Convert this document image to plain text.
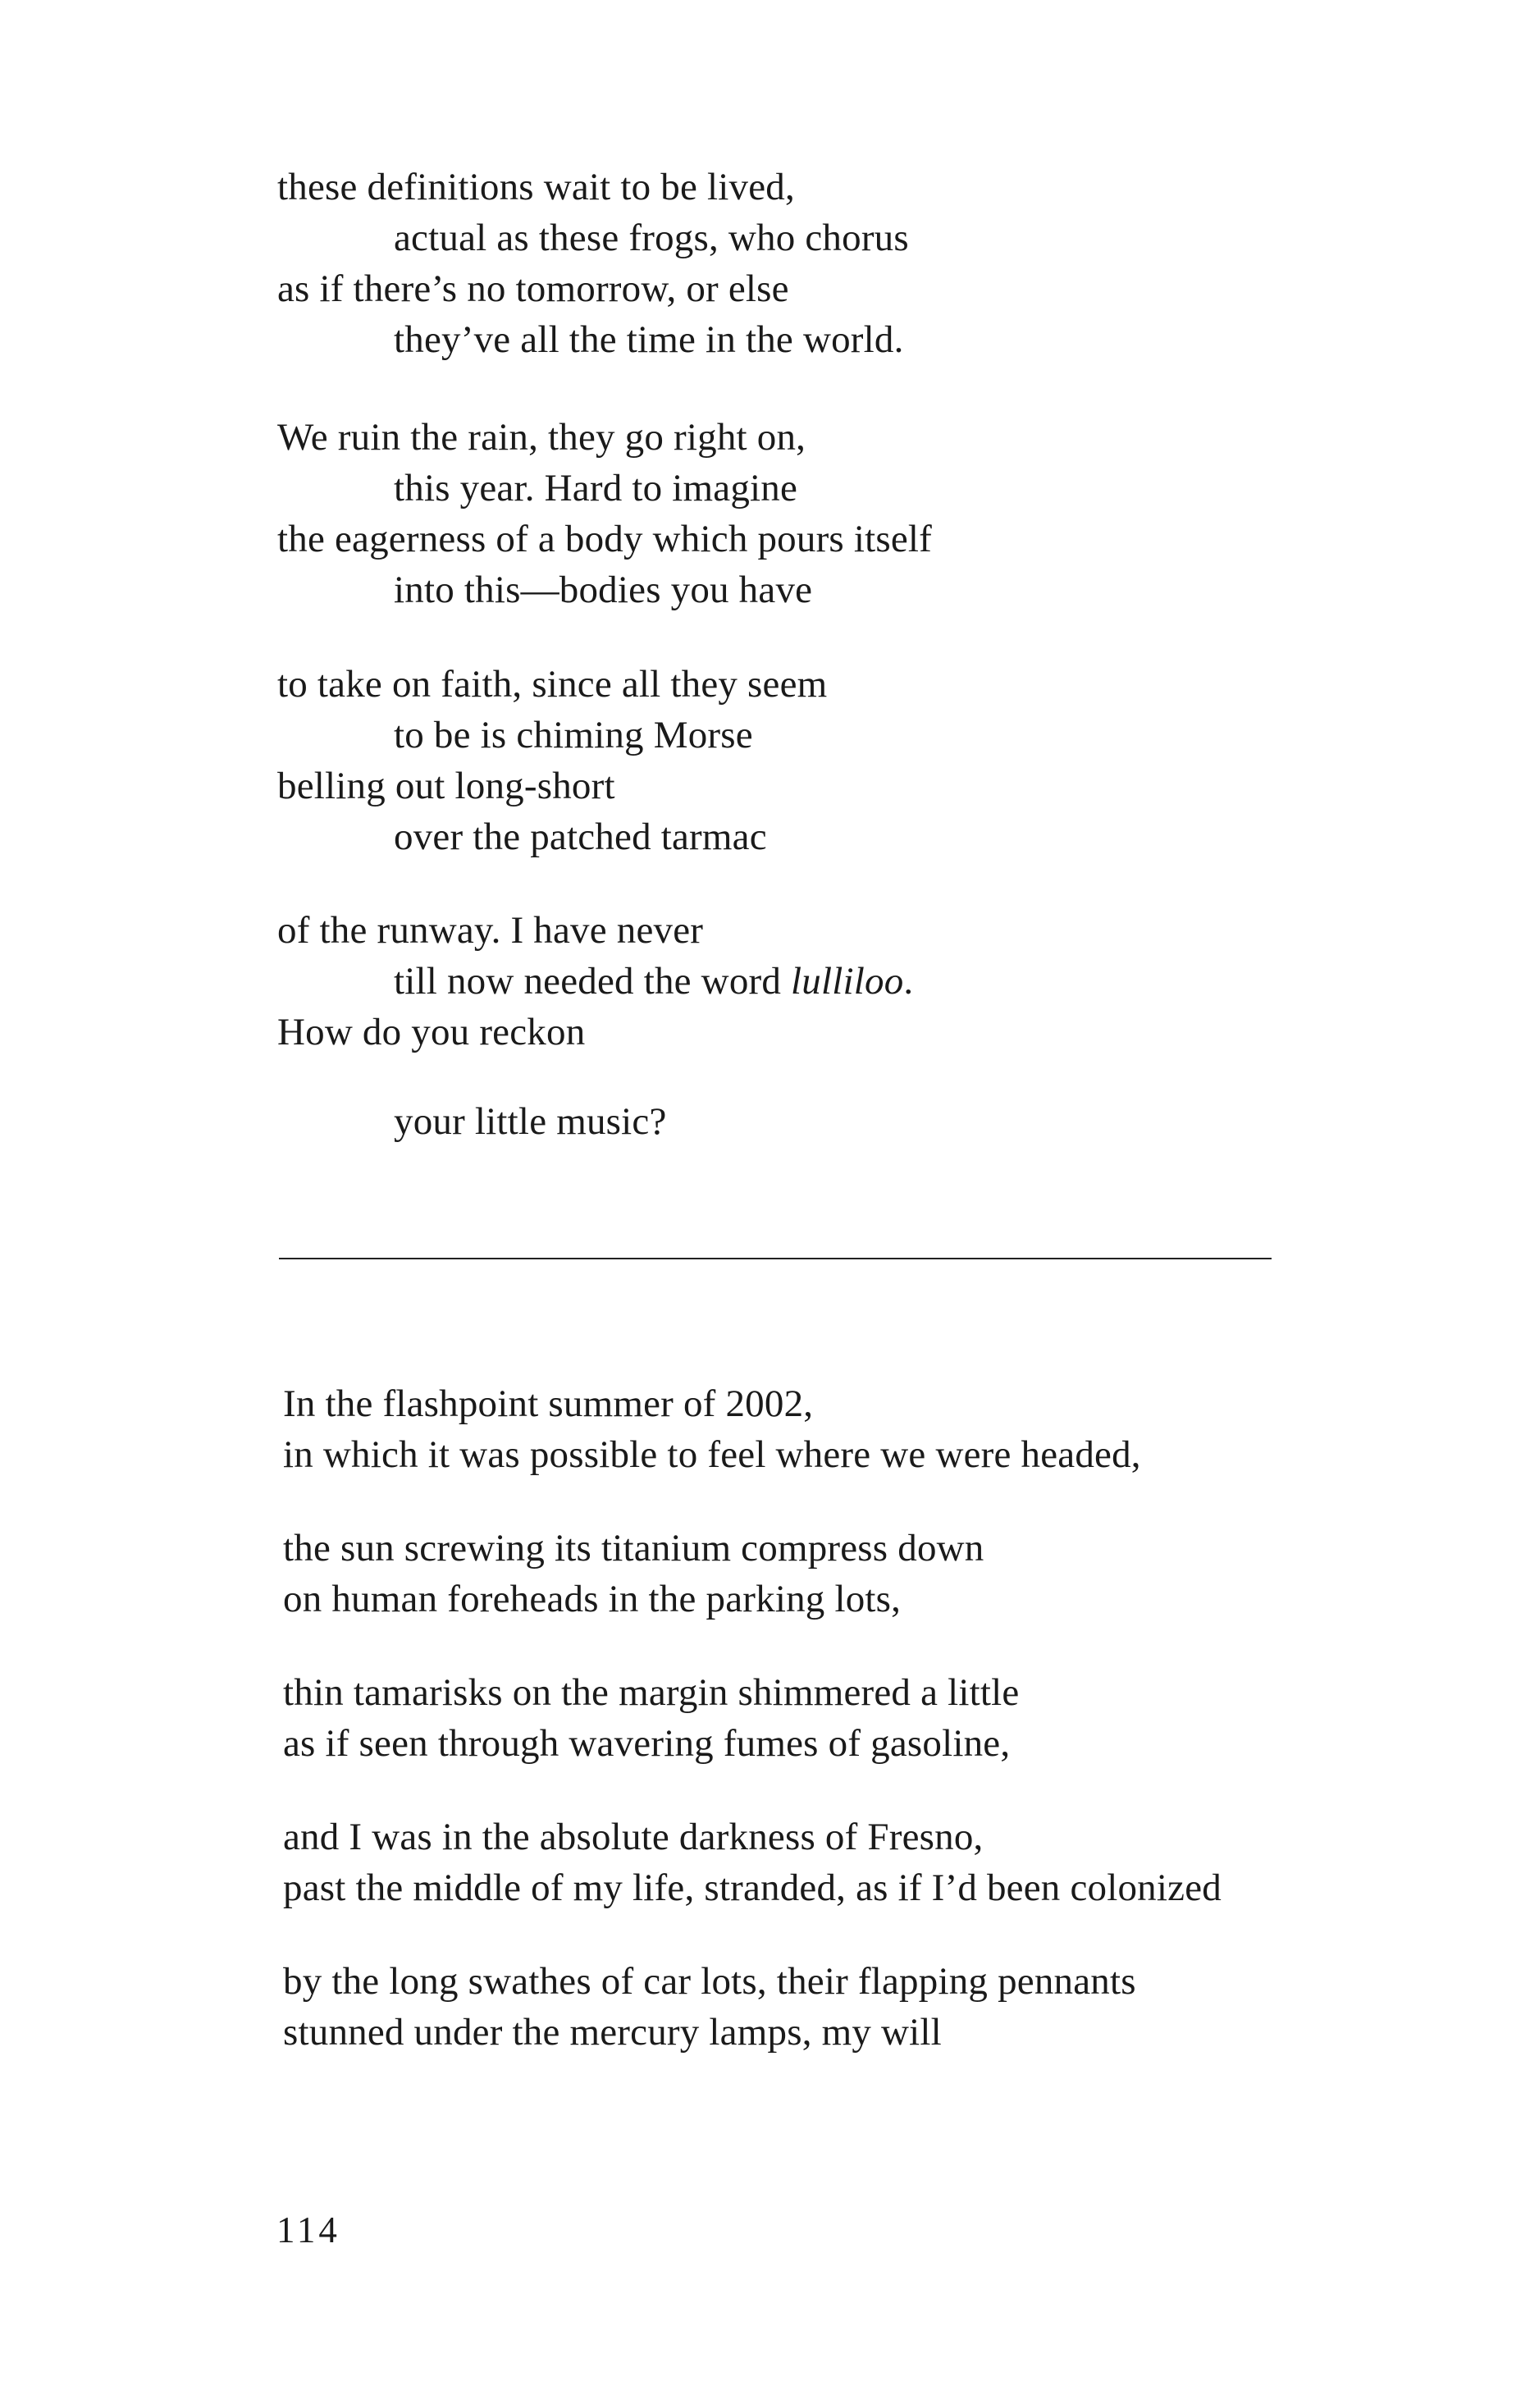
these definitions wait to be lived,
actual as these frogs, who chorus
as if there’s no tomorrow, or else
they’ve all the time in the world.
We ruin the rain, they go right on,
this year. Hard to imagine
the eagerness of a body which pours itself
into this—bodies you have
to take on faith, since all they seem
to be is chiming Morse
belling out long-short
over the patched tarmac
of the runway. I have never
till now needed the word lulliloo.
How do you reckon
your little music?
In the flashpoint summer of 2002,
in which it was possible to feel where we were headed,
the sun screwing its titanium compress down
on human foreheads in the parking lots,
thin tamarisks on the margin shimmered a little
as if seen through wavering fumes of gasoline,
and I was in the absolute darkness of Fresno,
past the middle of my life, stranded, as if I’d been colonized
by the long swathes of car lots, their flapping pennants
stunned under the mercury lamps, my will
114
